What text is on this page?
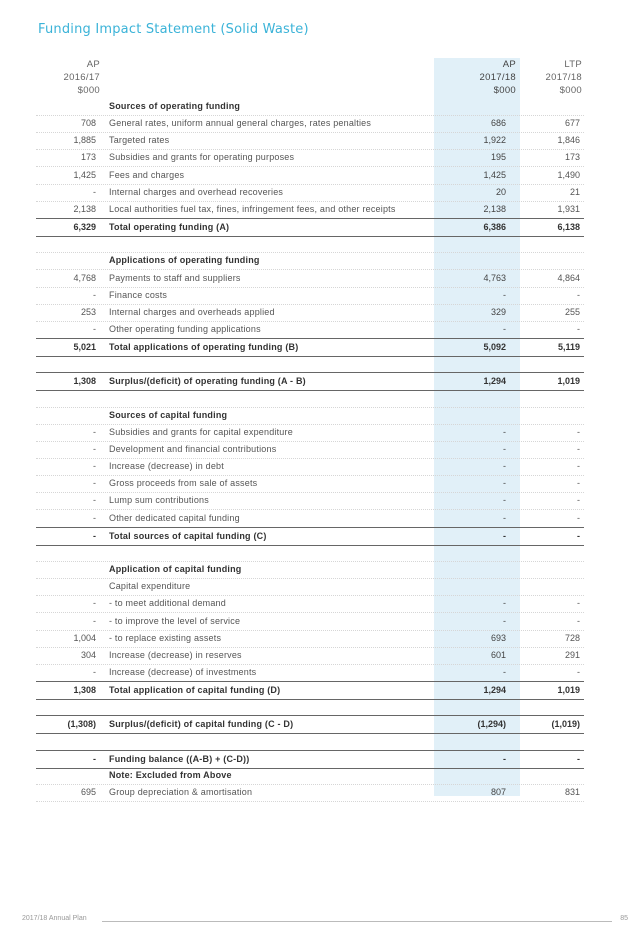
Funding Impact Statement (Solid Waste)
AP
2016/17
$000
AP
2017/18
$000
LTP
2017/18
$000
Sources of operating funding
708 General rates, uniform annual general charges, rates penalties	686	677
1,885 Targeted rates	1,922	1,846
173 Subsidies and grants for operating purposes	195	173
1,425 Fees and charges	1,425	1,490
- Internal charges and overhead recoveries	20	21
2,138 Local authorities fuel tax, fines, infringement fees, and other receipts	2,138	1,931
6,329 Total operating funding (A)	6,386	6,138
Applications of operating funding
4,768 Payments to staff and suppliers	4,763	4,864
- Finance costs	-	-
253 Internal charges and overheads applied	329	255
- Other operating funding applications	-	-
5,021 Total applications of operating funding (B)	5,092	5,119
1,308 Surplus/(deficit) of operating funding (A - B)	1,294	1,019
Sources of capital funding
- Subsidies and grants for capital expenditure	-	-
- Development and financial contributions	-	-
- Increase (decrease) in debt	-	-
- Gross proceeds from sale of assets	-	-
- Lump sum contributions	-	-
- Other dedicated capital funding	-	-
- Total sources of capital funding (C)	-	-
Application of capital funding
Capital expenditure
- - to meet additional demand	-	-
- - to improve the level of service	-	-
1,004 - to replace existing assets	693	728
304 Increase (decrease) in reserves	601	291
- Increase (decrease) of investments	-	-
1,308 Total application of capital funding (D)	1,294	1,019
(1,308) Surplus/(deficit) of capital funding (C - D)	(1,294)	(1,019)
- Funding balance ((A-B) + (C-D))	-	-
Note: Excluded from Above
695 Group depreciation & amortisation	807	831
2017/18 Annual Plan	85
